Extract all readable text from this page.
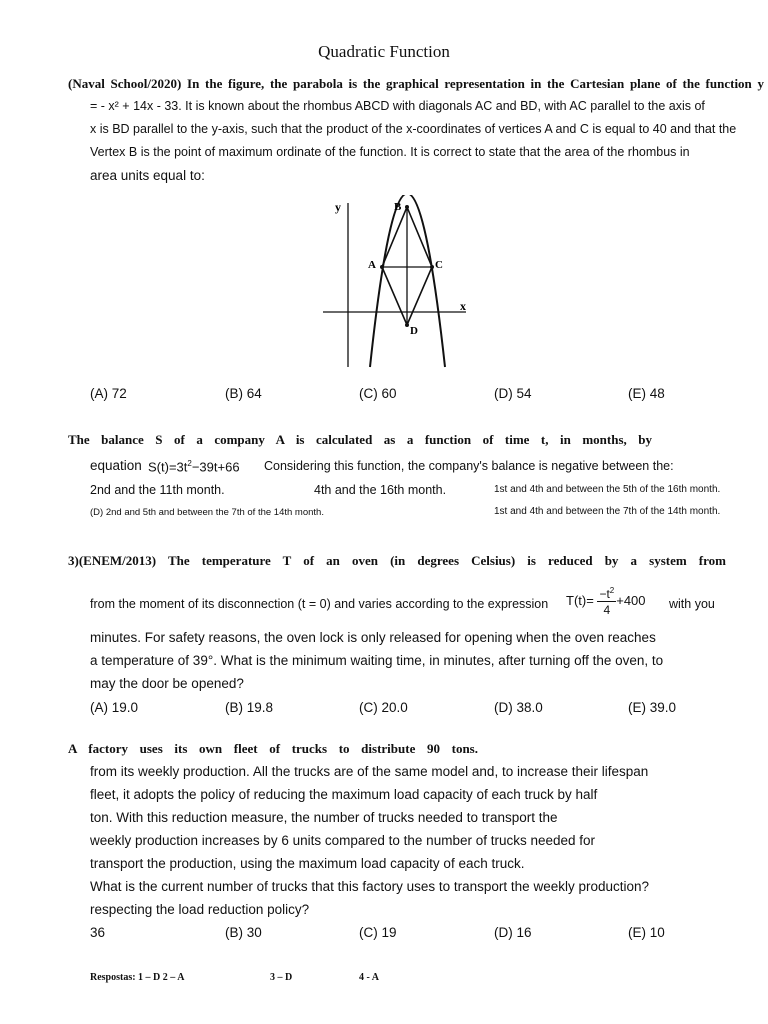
Quadratic Function
(Naval School/2020) In the figure, the parabola is the graphical representation in the Cartesian plane of the function y
= - x² + 14x - 33. It is known about the rhombus ABCD with diagonals AC and BD, with AC parallel to the axis of
x is BD parallel to the y-axis, such that the product of the x-coordinates of vertices A and C is equal to 40 and that the
Vertex B is the point of maximum ordinate of the function. It is correct to state that the area of the rhombus in
area units equal to:
y
x
B
A	C
D
(A) 72	(B) 64	(C) 60	(D) 54	(E) 48
The balance S of a company A is calculated as a function of time t, in months, by
equation $S(t)=3t^2-39t+66$ Considering this function, the company's balance is negative between the:
2nd and the 11th month.	4th and the 16th month.	1st and 4th and between the 5th of the 16th month.
(D) 2nd and 5th and between the 7th of the 14th month.	1st and 4th and between the 7th of the 14th month.
3)(ENEM/2013) The temperature T of an oven (in degrees Celsius) is reduced by a system from
from the moment of its disconnection (t = 0) and varies according to the expression $T(t)= \frac{-t^2}{4} +400$ with you
minutes. For safety reasons, the oven lock is only released for opening when the oven reaches
a temperature of 39°. What is the minimum waiting time, in minutes, after turning off the oven, to
may the door be opened?
(A) 19.0	(B) 19.8	(C) 20.0	(D) 38.0	(E) 39.0
A factory uses its own fleet of trucks to distribute 90 tons.
from its weekly production. All the trucks are of the same model and, to increase their lifespan
fleet, it adopts the policy of reducing the maximum load capacity of each truck by half
ton. With this reduction measure, the number of trucks needed to transport the
weekly production increases by 6 units compared to the number of trucks needed for
transport the production, using the maximum load capacity of each truck.
What is the current number of trucks that this factory uses to transport the weekly production?
respecting the load reduction policy?
36	(B) 30	(C) 19	(D) 16	(E) 10
Respostas: 1 – D 2 – A	3 – D	4 - A
